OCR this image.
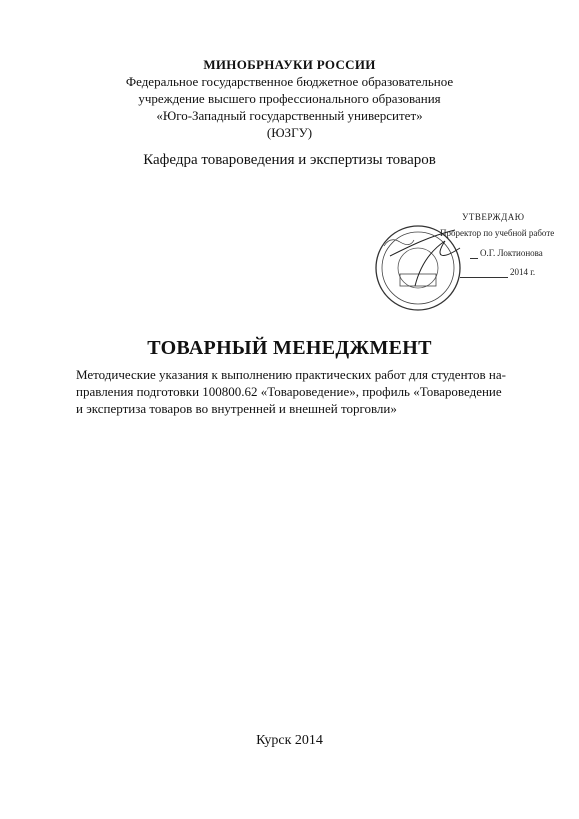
МИНОБРНАУКИ РОССИИ
Федеральное государственное бюджетное образовательное
учреждение высшего профессионального образования
«Юго-Западный государственный университет»
(ЮЗГУ)
Кафедра товароведения и экспертизы товаров
УТВЕРЖДАЮ
Проректор по учебной работе
О.Г. Локтионова
2014 г.
ТОВАРНЫЙ МЕНЕДЖМЕНТ
Методические указания к выполнению практических работ для студентов на-
правления подготовки 100800.62 «Товароведение», профиль «Товароведение
и экспертиза товаров во внутренней и внешней торговли»
Курск 2014
